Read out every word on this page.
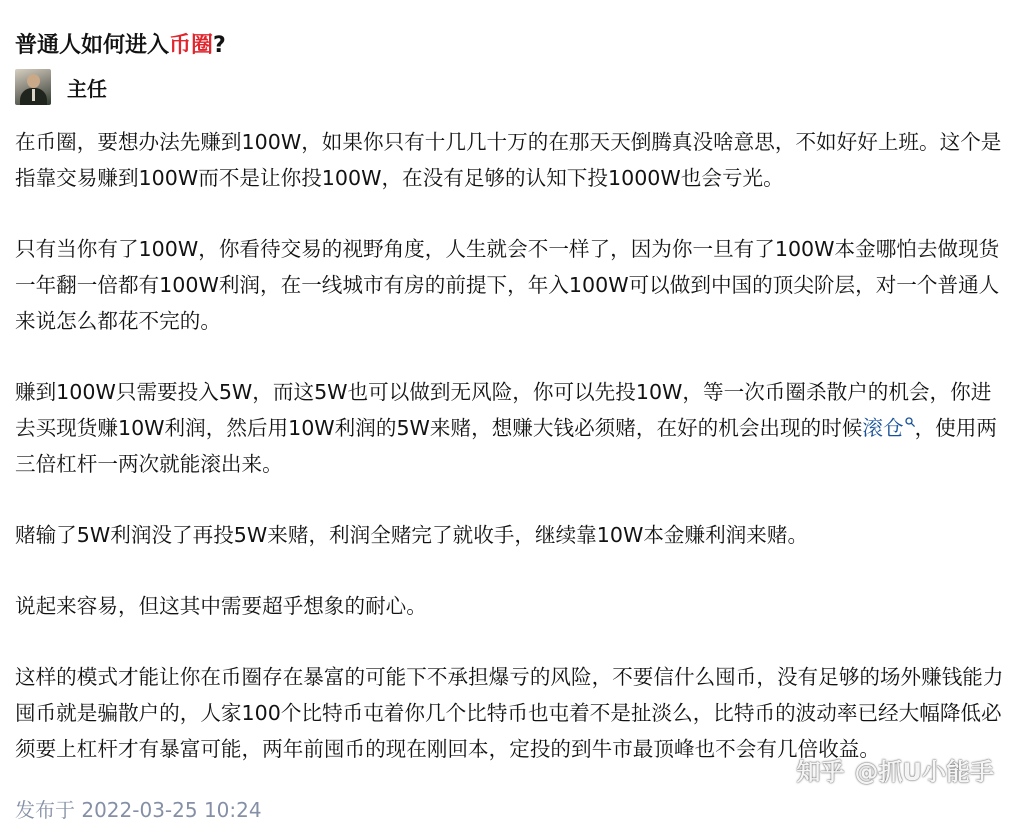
普通人如何进入币圈?
主任

在币圈，要想办法先赚到100W，如果你只有十几几十万的在那天天倒腾真没啥意思，不如好好上班。这个是指靠交易赚到100W而不是让你投100W，在没有足够的认知下投1000W也会亏光。

只有当你有了100W，你看待交易的视野角度，人生就会不一样了，因为你一旦有了100W本金哪怕去做现货一年翻一倍都有100W利润，在一线城市有房的前提下，年入100W可以做到中国的顶尖阶层，对一个普通人来说怎么都花不完的。

赚到100W只需要投入5W，而这5W也可以做到无风险，你可以先投10W，等一次币圈杀散户的机会，你进去买现货赚10W利润，然后用10W利润的5W来赌，想赚大钱必须赌，在好的机会出现的时候滚仓 ，使用两三倍杠杆一两次就能滚出来。

赌输了5W利润没了再投5W来赌，利润全赌完了就收手，继续靠10W本金赚利润来赌。

说起来容易，但这其中需要超乎想象的耐心。

这样的模式才能让你在币圈存在暴富的可能下不承担爆亏的风险，不要信什么囤币，没有足够的场外赚钱能力囤币就是骗散户的，人家100个比特币屯着你几个比特币也屯着不是扯淡么，比特币的波动率已经大幅降低必须要上杠杆才有暴富可能，两年前囤币的现在刚回本，定投的到牛市最顶峰也不会有几倍收益。

发布于 2022-03-25 10:24
知乎 @抓U小能手
